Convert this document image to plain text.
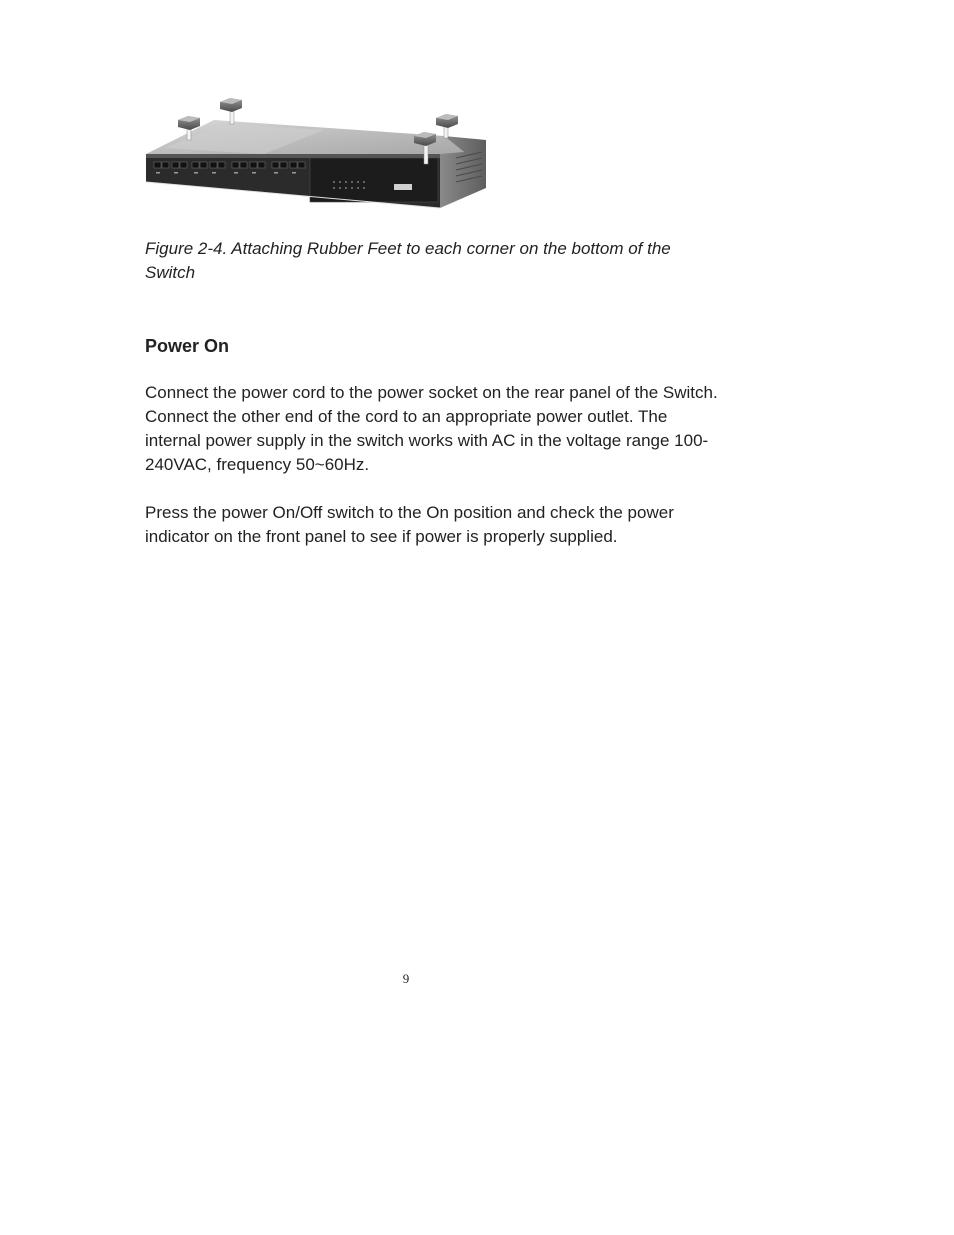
Figure 2-4. Attaching Rubber Feet to each corner on the bottom of the Switch

Power On

Connect the power cord to the power socket on the rear panel of the Switch. Connect the other end of the cord to an appropriate power outlet. The internal power supply in the switch works with AC in the voltage range 100-240VAC, frequency 50~60Hz.

Press the power On/Off switch to the On position and check the power indicator on the front panel to see if power is properly supplied.

9
